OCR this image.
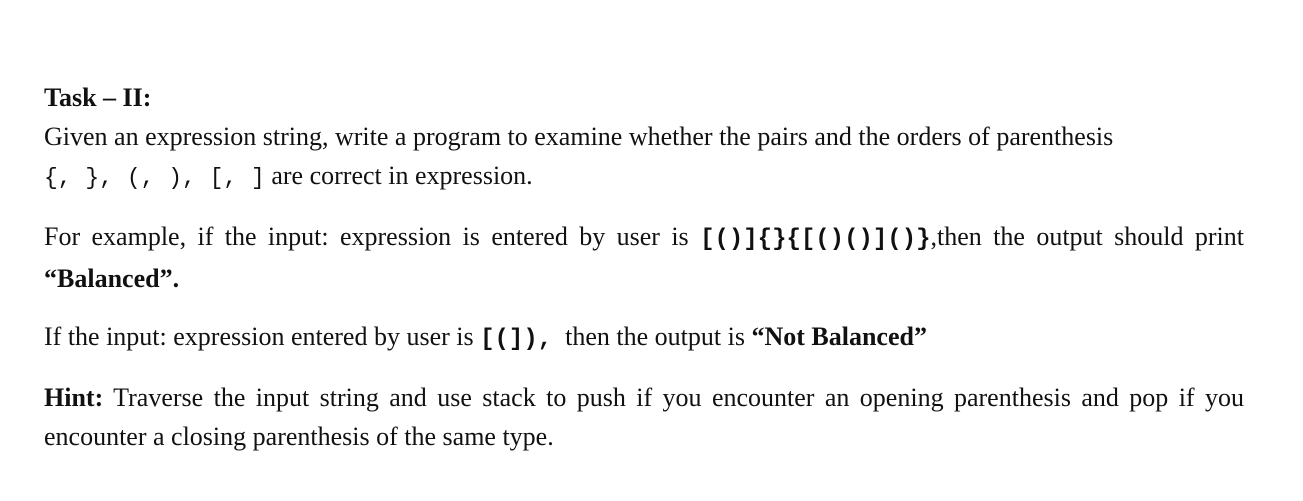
Task – II:

Given an expression string, write a program to examine whether the pairs and the orders of parenthesis
{, }, (, ), [, ] are correct in expression.

For example, if the input: expression is entered by user is [()]{}{[()()]()},then the output should print “Balanced”.

If the input: expression entered by user is [(]),  then the output is “Not Balanced”

Hint: Traverse the input string and use stack to push if you encounter an opening parenthesis and pop if you encounter a closing parenthesis of the same type.
